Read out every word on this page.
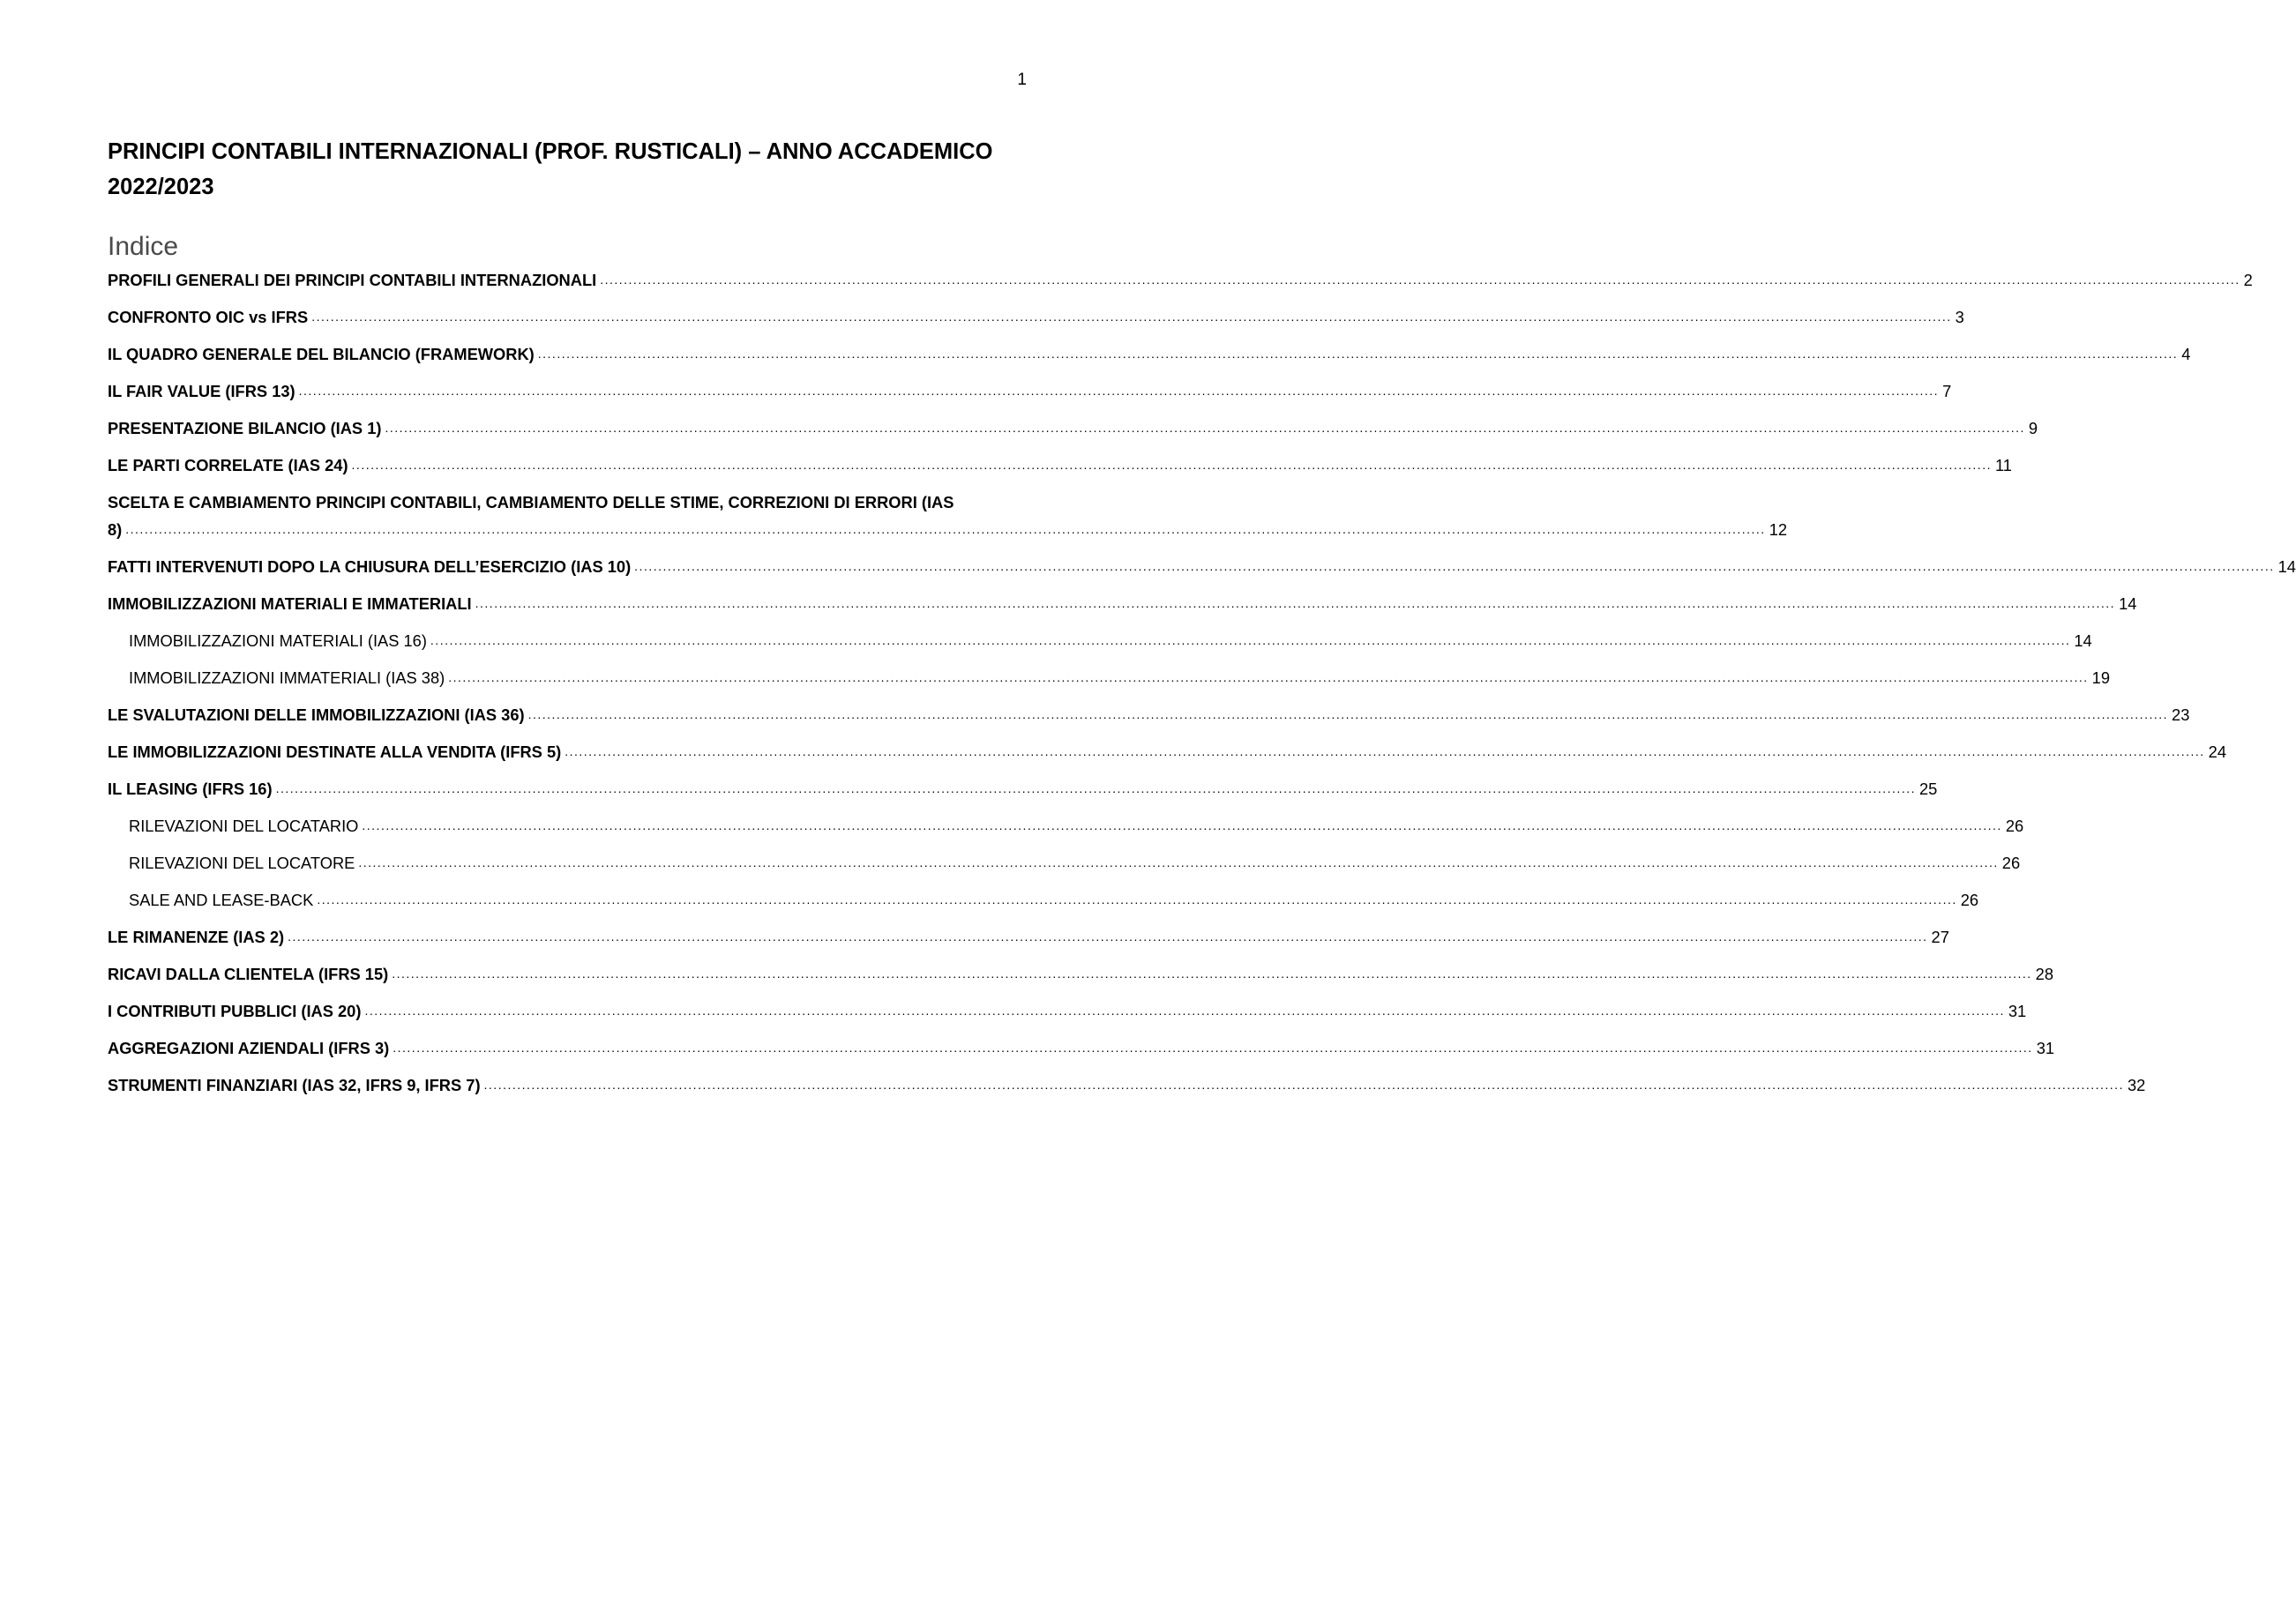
1
PRINCIPI CONTABILI INTERNAZIONALI (PROF. RUSTICALI) – ANNO ACCADEMICO 2022/2023
Indice
PROFILI GENERALI DEI PRINCIPI CONTABILI INTERNAZIONALI .....	2
CONFRONTO OIC vs IFRS .....	3
IL QUADRO GENERALE DEL BILANCIO (FRAMEWORK) .....	4
IL FAIR VALUE (IFRS 13) .....	7
PRESENTAZIONE BILANCIO (IAS 1) .....	9
LE PARTI CORRELATE (IAS 24) .....	11
SCELTA E CAMBIAMENTO PRINCIPI CONTABILI, CAMBIAMENTO DELLE STIME, CORREZIONI DI ERRORI (IAS
8) .....	12
FATTI INTERVENUTI DOPO LA CHIUSURA DELL’ESERCIZIO (IAS 10) .....	14
IMMOBILIZZAZIONI MATERIALI E IMMATERIALI .....	14
IMMOBILIZZAZIONI MATERIALI (IAS 16) .....	14
IMMOBILIZZAZIONI IMMATERIALI (IAS 38) .....	19
LE SVALUTAZIONI DELLE IMMOBILIZZAZIONI (IAS 36) .....	23
LE IMMOBILIZZAZIONI DESTINATE ALLA VENDITA (IFRS 5) .....	24
IL LEASING (IFRS 16) .....	25
RILEVAZIONI DEL LOCATARIO .....	26
RILEVAZIONI DEL LOCATORE .....	26
SALE AND LEASE-BACK .....	26
LE RIMANENZE (IAS 2) .....	27
RICAVI DALLA CLIENTELA (IFRS 15) .....	28
I CONTRIBUTI PUBBLICI (IAS 20) .....	31
AGGREGAZIONI AZIENDALI (IFRS 3) .....	31
STRUMENTI FINANZIARI (IAS 32, IFRS 9, IFRS 7) .....	32
